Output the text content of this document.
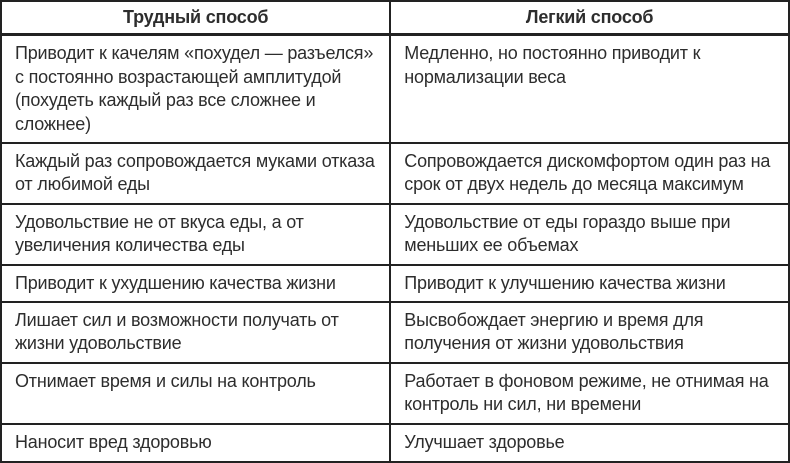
Трудный способ	Легкий способ
Приводит к качелям «похудел — разъелся» с постоянно возрастающей амплитудой (похудеть каждый раз все сложнее и сложнее)	Медленно, но постоянно приводит к нормализации веса
Каждый раз сопровождается муками отказа от любимой еды	Сопровождается дискомфортом один раз на срок от двух недель до месяца максимум
Удовольствие не от вкуса еды, а от увеличения количества еды	Удовольствие от еды гораздо выше при меньших ее объемах
Приводит к ухудшению качества жизни	Приводит к улучшению качества жизни
Лишает сил и возможности получать от жизни удовольствие	Высвобождает энергию и время для получения от жизни удовольствия
Отнимает время и силы на контроль	Работает в фоновом режиме, не отнимая на контроль ни сил, ни времени
Наносит вред здоровью	Улучшает здоровье
